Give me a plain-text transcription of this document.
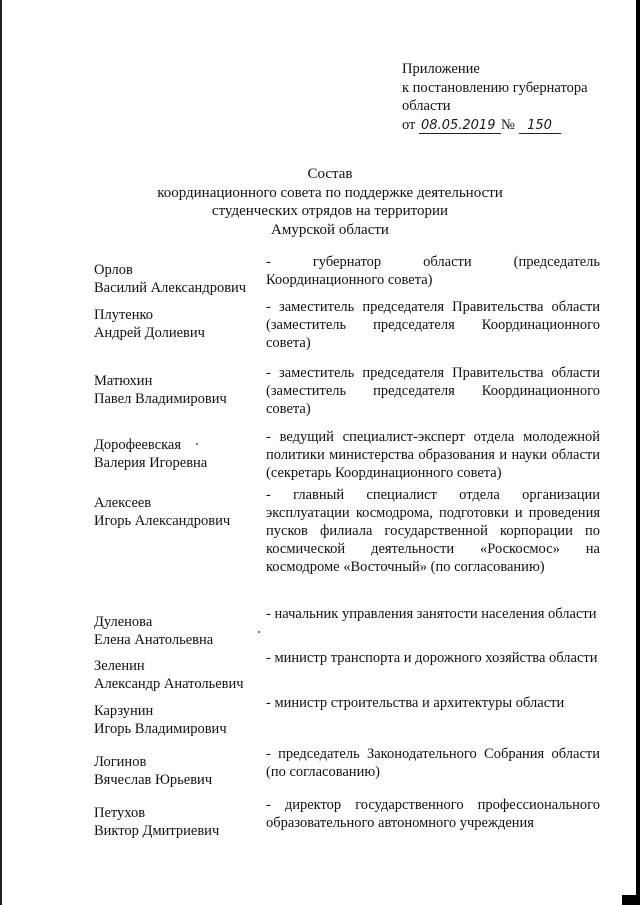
Приложение
к постановлению губернатора
области
от 08.05.2019 № 150
Состав
координационного совета по поддержке деятельности
студенческих отрядов на территории
Амурской области
Орлов
Василий Александрович
- губернатор области (председатель Координационного совета)
Плутенко
Андрей Долиевич
- заместитель председателя Правительства области (заместитель председателя Координационного совета)
Матюхин
Павел Владимирович
- заместитель председателя Правительства области (заместитель председателя Координационного совета)
Дорофеевская
Валерия Игоревна
- ведущий специалист-эксперт отдела молодежной политики министерства образования и науки области (секретарь Координационного совета)
Алексеев
Игорь Александрович
- главный специалист отдела организации эксплуатации космодрома, подготовки и проведения пусков филиала государственной корпорации по космической деятельности «Роскосмос» на космодроме «Восточный» (по согласованию)
Дуленова
Елена Анатольевна
- начальник управления занятости населения области
Зеленин
Александр Анатольевич
- министр транспорта и дорожного хозяйства области
Карзунин
Игорь Владимирович
- министр строительства и архитектуры области
Логинов
Вячеслав Юрьевич
- председатель Законодательного Собрания области (по согласованию)
Петухов
Виктор Дмитриевич
- директор государственного профессионального образовательного автономного учреждения
